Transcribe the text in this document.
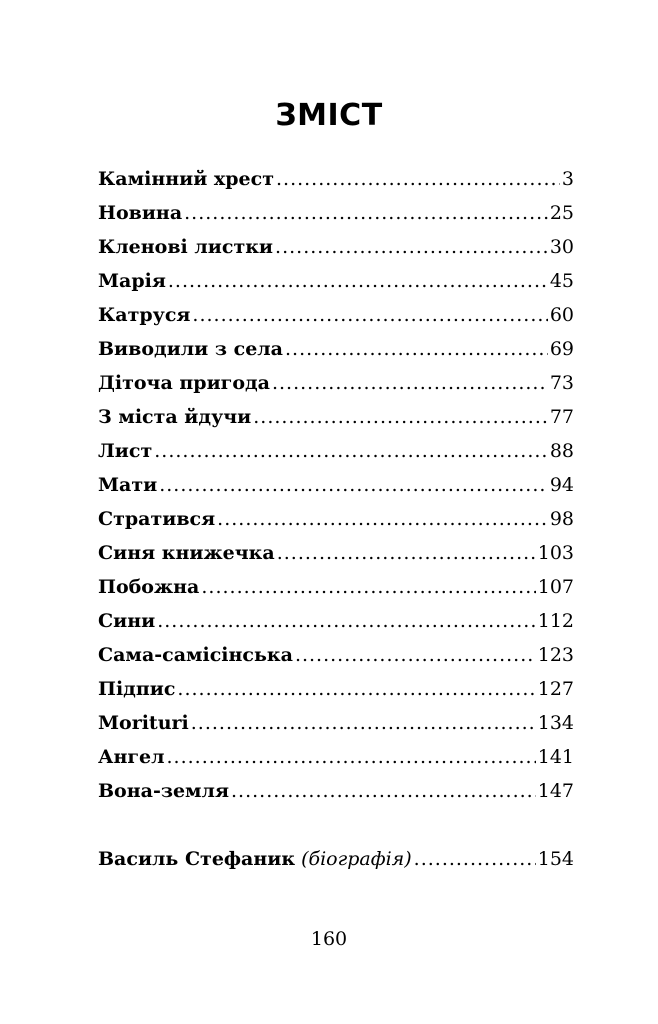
ЗМІСТ
Камінний хрест .....	3
Новина .....	25
Кленові листки .....	30
Марія .....	45
Катруся .....	60
Виводили з села .....	69
Діточа пригода .....	73
З міста йдучи .....	77
Лист .....	88
Мати .....	94
Стратився .....	98
Синя книжечка .....	103
Побожна .....	107
Сини .....	112
Сама-самісінська .....	123
Підпис .....	127
Moriturі .....	134
Ангел .....	141
Вона-земля .....	147
Василь Стефаник (біографія) .....	154
160
